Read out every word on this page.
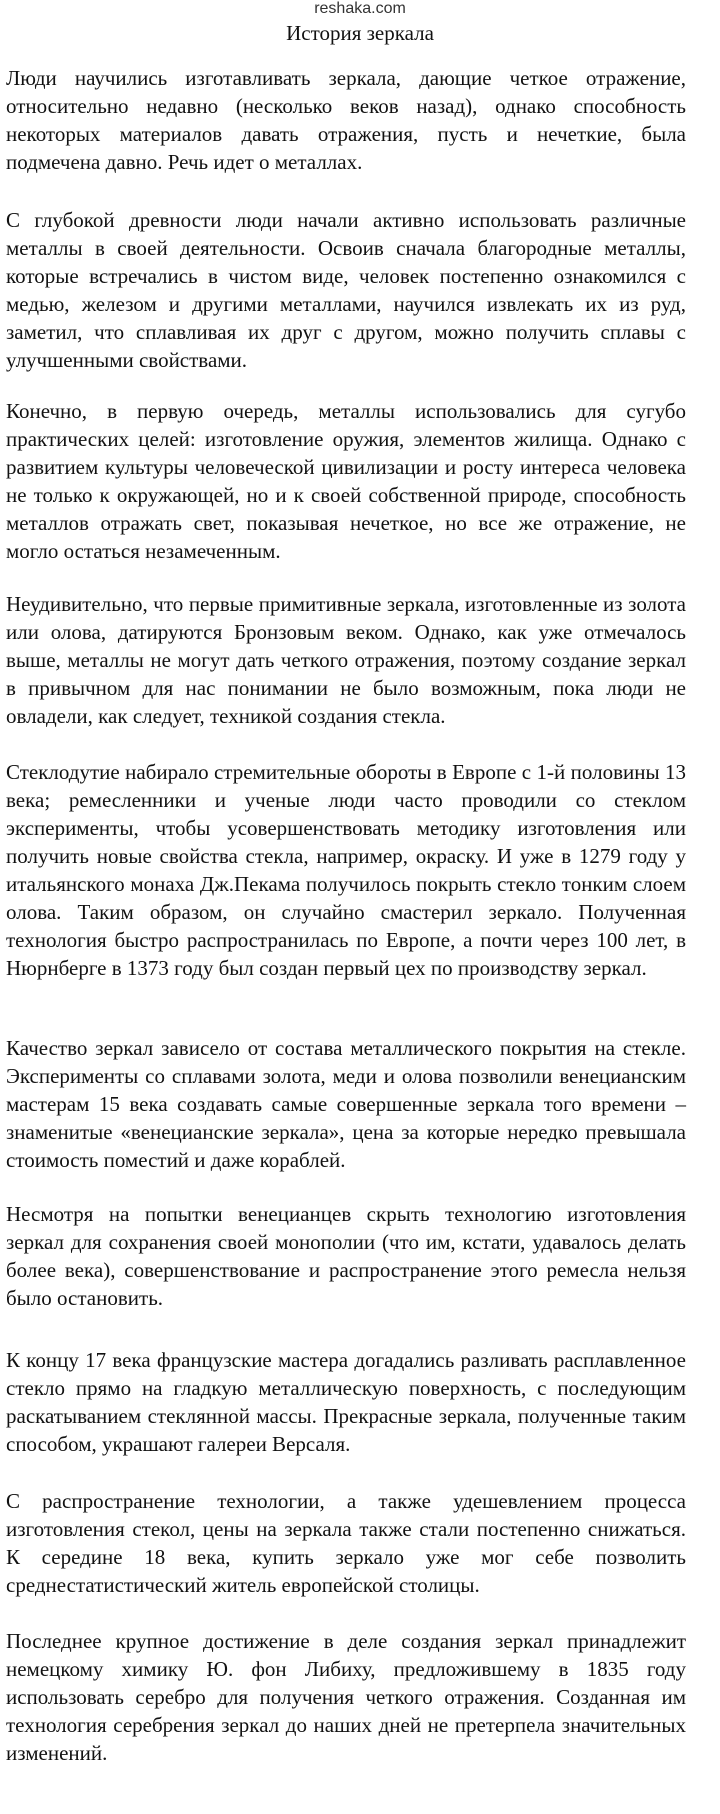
reshaka.com
История зеркала

Люди научились изготавливать зеркала, дающие четкое отражение, относительно недавно (несколько веков назад), однако способность некоторых материалов давать отражения, пусть и нечеткие, была подмечена давно. Речь идет о металлах.

С глубокой древности люди начали активно использовать различные металлы в своей деятельности. Освоив сначала благородные металлы, которые встречались в чистом виде, человек постепенно ознакомился с медью, железом и другими металлами, научился извлекать их из руд, заметил, что сплавливая их друг с другом, можно получить сплавы с улучшенными свойствами.

Конечно, в первую очередь, металлы использовались для сугубо практических целей: изготовление оружия, элементов жилища. Однако с развитием культуры человеческой цивилизации и росту интереса человека не только к окружающей, но и к своей собственной природе, способность металлов отражать свет, показывая нечеткое, но все же отражение, не могло остаться незамеченным.

Неудивительно, что первые примитивные зеркала, изготовленные из золота или олова, датируются Бронзовым веком. Однако, как уже отмечалось выше, металлы не могут дать четкого отражения, поэтому создание зеркал в привычном для нас понимании не было возможным, пока люди не овладели, как следует, техникой создания стекла.

Стеклодутие набирало стремительные обороты в Европе с 1-й половины 13 века; ремесленники и ученые люди часто проводили со стеклом эксперименты, чтобы усовершенствовать методику изготовления или получить новые свойства стекла, например, окраску. И уже в 1279 году у итальянского монаха Дж.Пекама получилось покрыть стекло тонким слоем олова. Таким образом, он случайно смастерил зеркало. Полученная технология быстро распространилась по Европе, а почти через 100 лет, в Нюрнберге в 1373 году был создан первый цех по производству зеркал.

Качество зеркал зависело от состава металлического покрытия на стекле. Эксперименты со сплавами золота, меди и олова позволили венецианским мастерам 15 века создавать самые совершенные зеркала того времени – знаменитые «венецианские зеркала», цена за которые нередко превышала стоимость поместий и даже кораблей.

Несмотря на попытки венецианцев скрыть технологию изготовления зеркал для сохранения своей монополии (что им, кстати, удавалось делать более века), совершенствование и распространение этого ремесла нельзя было остановить.

К концу 17 века французские мастера догадались разливать расплавленное стекло прямо на гладкую металлическую поверхность, с последующим раскатыванием стеклянной массы. Прекрасные зеркала, полученные таким способом, украшают галереи Версаля.

С распространение технологии, а также удешевлением процесса изготовления стекол, цены на зеркала также стали постепенно снижаться. К середине 18 века, купить зеркало уже мог себе позволить среднестатистический житель европейской столицы.

Последнее крупное достижение в деле создания зеркал принадлежит немецкому химику Ю. фон Либиху, предложившему в 1835 году использовать серебро для получения четкого отражения. Созданная им технология серебрения зеркал до наших дней не претерпела значительных изменений.
